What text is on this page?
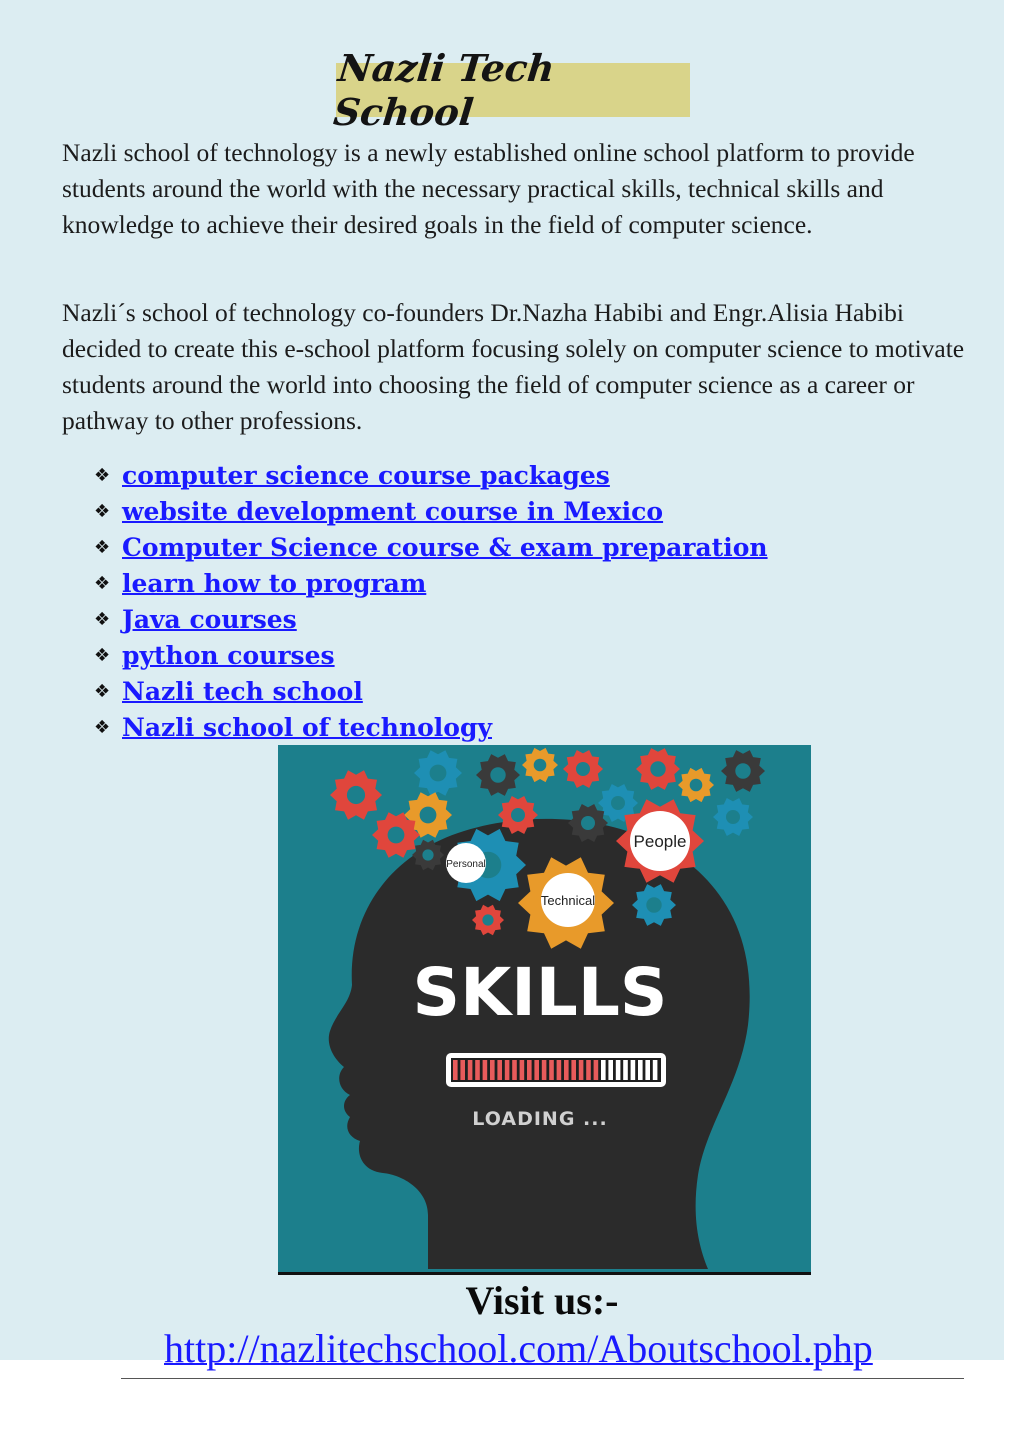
Nazli Tech School

Nazli school of technology is a newly established online school platform to provide students around the world with the necessary practical skills, technical skills and knowledge to achieve their desired goals in the field of computer science.

Nazli´s school of technology co-founders Dr.Nazha Habibi and Engr.Alisia Habibi decided to create this e-school platform focusing solely on computer science to motivate students around the world into choosing the field of computer science as a career or pathway to other professions.

❖ computer science course packages
❖ website development course in Mexico
❖ Computer Science course & exam preparation
❖ learn how to program
❖ Java courses
❖ python courses
❖ Nazli tech school
❖ Nazli school of technology
Personal
Technical
People
SKILLS
LOADING ...
Visit us:-
http://nazlitechschool.com/Aboutschool.php
